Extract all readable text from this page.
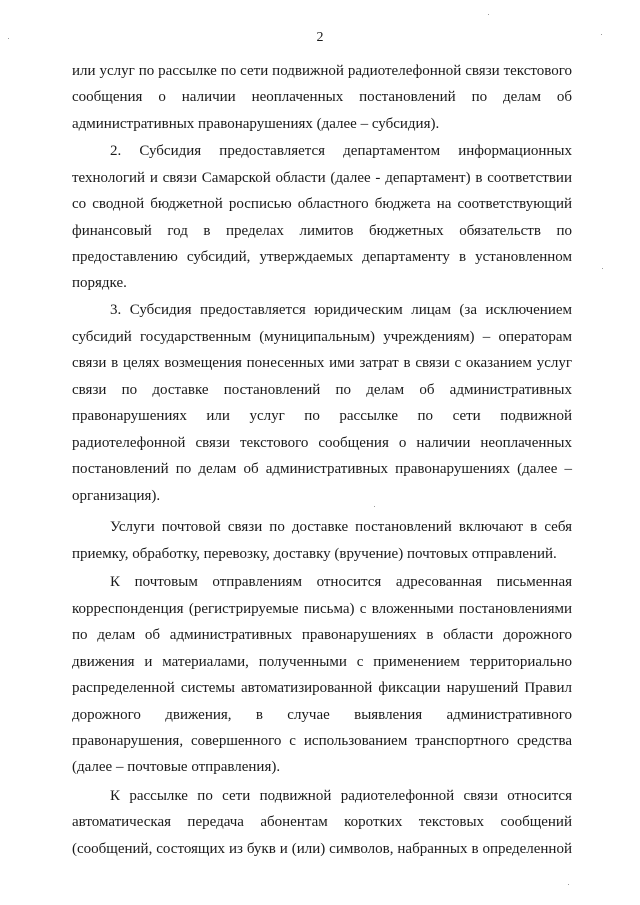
2
или услуг по рассылке по сети подвижной радиотелефонной связи текстового
сообщения о наличии неоплаченных постановлений по делам об
административных правонарушениях (далее – субсидия).
2. Субсидия предоставляется департаментом информационных
технологий и связи Самарской области (далее - департамент) в соответствии
со сводной бюджетной росписью областного бюджета на соответствующий
финансовый год в пределах лимитов бюджетных обязательств по
предоставлению субсидий, утверждаемых департаменту в установленном
порядке.
3. Субсидия предоставляется юридическим лицам (за исключением
субсидий государственным (муниципальным) учреждениям) – операторам
связи в целях возмещения понесенных ими затрат в связи с оказанием услуг
связи по доставке постановлений по делам об административных
правонарушениях или услуг по рассылке по сети подвижной
радиотелефонной связи текстового сообщения о наличии неоплаченных
постановлений по делам об административных правонарушениях (далее –
организация).
Услуги почтовой связи по доставке постановлений включают в себя
приемку, обработку, перевозку, доставку (вручение) почтовых отправлений.
К почтовым отправлениям относится адресованная письменная
корреспонденция (регистрируемые письма) с вложенными постановлениями
по делам об административных правонарушениях в области дорожного
движения и материалами, полученными с применением территориально
распределенной системы автоматизированной фиксации нарушений Правил
дорожного движения, в случае выявления административного
правонарушения, совершенного с использованием транспортного средства
(далее – почтовые отправления).
К рассылке по сети подвижной радиотелефонной связи относится
автоматическая передача абонентам коротких текстовых сообщений
(сообщений, состоящих из букв и (или) символов, набранных в определенной
